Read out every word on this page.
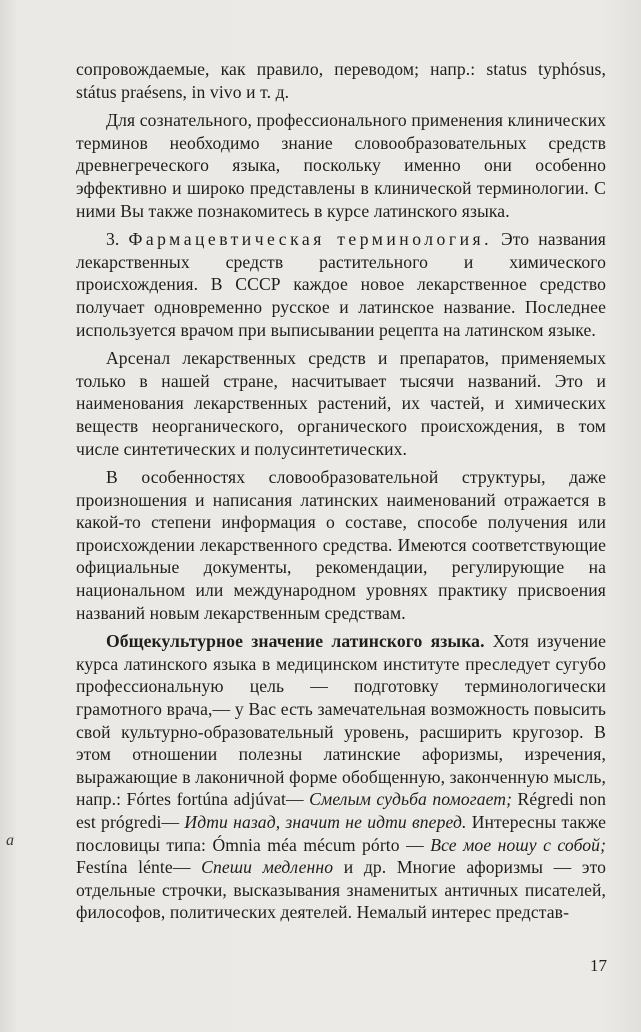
сопровождаемые, как правило, переводом; напр.: status typhósus, státus praésens, in vivo и т. д.

Для сознательного, профессионального применения клинических терминов необходимо знание словообразовательных средств древнегреческого языка, поскольку именно они особенно эффективно и широко представлены в клинической терминологии. С ними Вы также познакомитесь в курсе латинского языка.

3. Фармацевтическая терминология. Это названия лекарственных средств растительного и химического происхождения. В СССР каждое новое лекарственное средство получает одновременно русское и латинское название. Последнее используется врачом при выписывании рецепта на латинском языке.

Арсенал лекарственных средств и препаратов, применяемых только в нашей стране, насчитывает тысячи названий. Это и наименования лекарственных растений, их частей, и химических веществ неорганического, органического происхождения, в том числе синтетических и полусинтетических.

В особенностях словообразовательной структуры, даже произношения и написания латинских наименований отражается в какой-то степени информация о составе, способе получения или происхождении лекарственного средства. Имеются соответствующие официальные документы, рекомендации, регулирующие на национальном или международном уровнях практику присвоения названий новым лекарственным средствам.

Общекультурное значение латинского языка. Хотя изучение курса латинского языка в медицинском институте преследует сугубо профессиональную цель — подготовку терминологически грамотного врача,— у Вас есть замечательная возможность повысить свой культурно-образовательный уровень, расширить кругозор. В этом отношении полезны латинские афоризмы, изречения, выражающие в лаконичной форме обобщенную, законченную мысль, напр.: Fórtes fortúna adjúvat— Смелым судьба помогает; Régredi non est prógredi— Идти назад, значит не идти вперед. Интересны также пословицы типа: Ómnia méa mécum pórto — Все мое ношу с собой; Festína lénte— Спеши медленно и др. Многие афоризмы — это отдельные строчки, высказывания знаменитых античных писателей, философов, политических деятелей. Немалый интерес представ-

а
17
